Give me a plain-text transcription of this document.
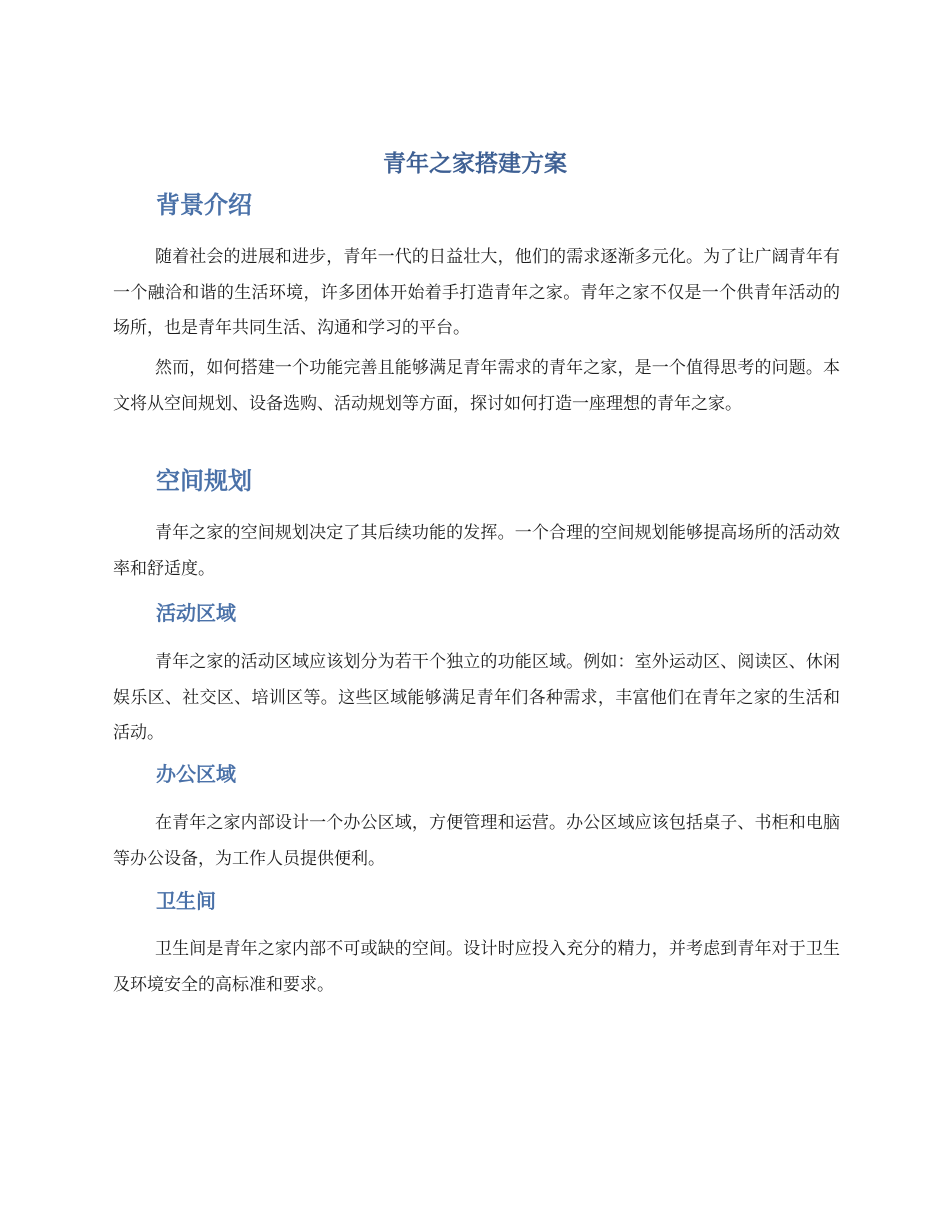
青年之家搭建方案
背景介绍

随着社会的进展和进步，青年一代的日益壮大，他们的需求逐渐多元化。为了让广阔青年有一个融洽和谐的生活环境，许多团体开始着手打造青年之家。青年之家不仅是一个供青年活动的场所，也是青年共同生活、沟通和学习的平台。

然而，如何搭建一个功能完善且能够满足青年需求的青年之家，是一个值得思考的问题。本文将从空间规划、设备选购、活动规划等方面，探讨如何打造一座理想的青年之家。

空间规划

青年之家的空间规划决定了其后续功能的发挥。一个合理的空间规划能够提高场所的活动效率和舒适度。

活动区域

青年之家的活动区域应该划分为若干个独立的功能区域。例如：室外运动区、阅读区、休闲娱乐区、社交区、培训区等。这些区域能够满足青年们各种需求，丰富他们在青年之家的生活和活动。

办公区域

在青年之家内部设计一个办公区域，方便管理和运营。办公区域应该包括桌子、书柜和电脑等办公设备，为工作人员提供便利。

卫生间

卫生间是青年之家内部不可或缺的空间。设计时应投入充分的精力，并考虑到青年对于卫生及环境安全的高标准和要求。
